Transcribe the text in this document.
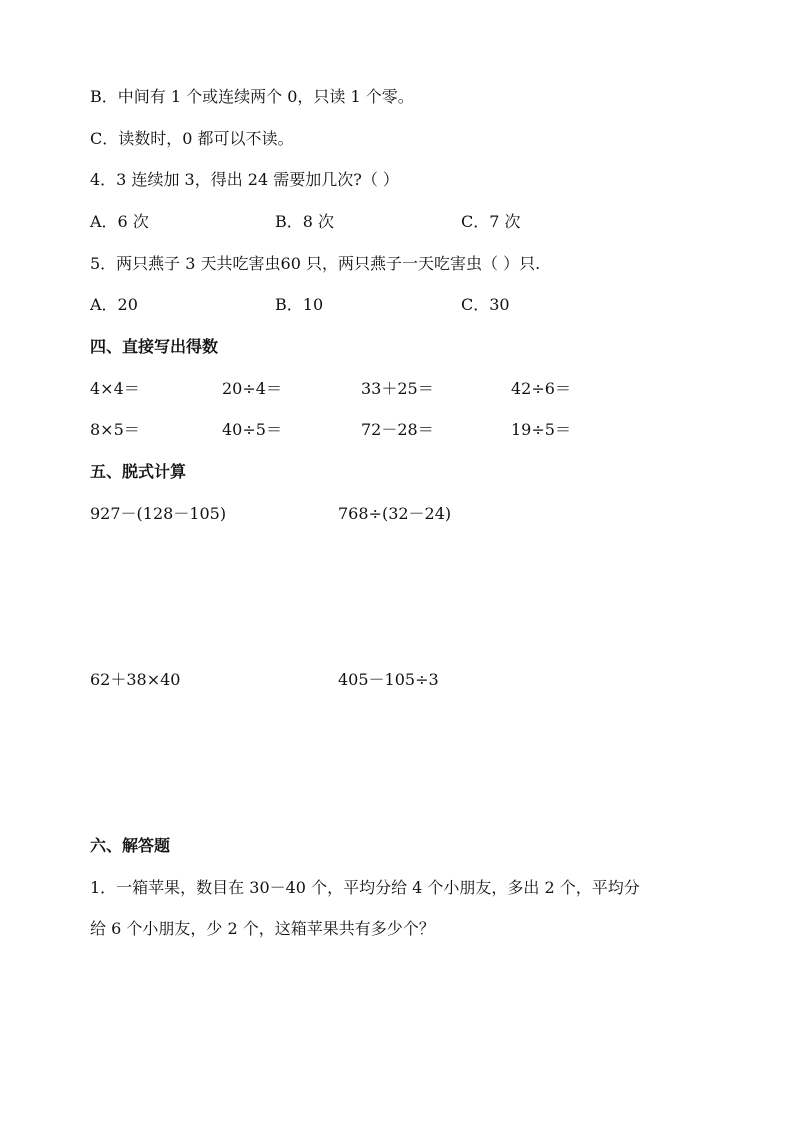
B．中间有 1 个或连续两个 0，只读 1 个零。
C．读数时，0 都可以不读。
4．3 连续加 3，得出 24 需要加几次?（ ）
A．6 次	B．8 次	C．7 次
5．两只燕子 3 天共吃害虫60 只，两只燕子一天吃害虫（ ）只.
A．20	B．10	C．30
四、直接写出得数
4×4＝	20÷4＝	33＋25＝	42÷6＝
8×5＝	40÷5＝	72－28＝	19÷5＝
五、脱式计算
927－(128－105)	768÷(32－24)
62＋38×40	405－105÷3
六、解答题
1．一箱苹果，数目在 30－40 个，平均分给 4 个小朋友，多出 2 个，平均分
给 6 个小朋友，少 2 个，这箱苹果共有多少个？
